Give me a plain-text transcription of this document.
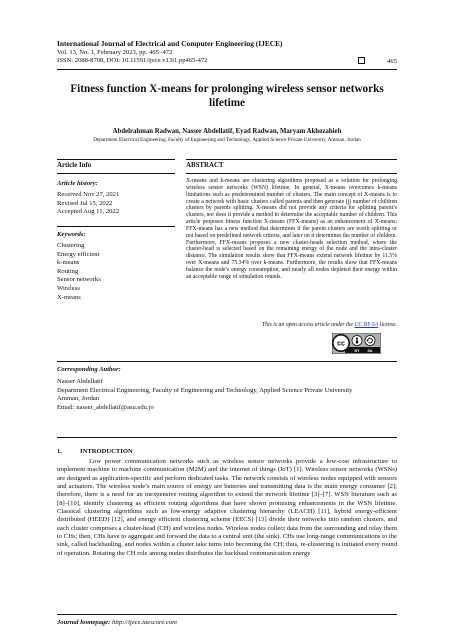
International Journal of Electrical and Computer Engineering (IJECE)
Vol. 13, No. 1, February 2023, pp. 465~472
ISSN: 2088-8708, DOI: 10.11591/ijece.v13i1.pp465-472	465
Fitness function X-means for prolonging wireless sensor networks lifetime
Abdelrahman Radwan, Nasser Abdellatif, Eyad Radwan, Maryam Akhozahieh
Department Electrical Engineering, Faculty of Engineering and Technology, Applied Science Private University, Amman, Jordan
Article Info
Article history:
Received Nov 27, 2021
Revised Jul 15, 2022
Accepted Aug 11, 2022
Keywords:
Clustering
Energy efficient
k-means
Routing
Sensor networks
Wireless
X-means
ABSTRACT
X-means and k-means are clustering algorithms proposed as a solution for prolonging wireless sensor networks (WSN) lifetime. In general, X-means overcomes k-means limitations such as predetermined number of clusters. The main concept of X-means is to create a network with basic clusters called parents and then generate (j) number of children clusters by parents splitting. X-means did not provide any criteria for splitting parent’s clusters, nor does it provide a method to determine the acceptable number of children. This article proposes fitness function X-means (FFX-means) as an enhancement of X-means; FFX-means has a new method that determines if the parent clusters are worth splitting or not based on predefined network criteria, and later on it determines the number of children. Furthermore, FFX-means proposes a new cluster-heads selection method, where the cluster-head is selected based on the remaining energy of the node and the intra-cluster distance. The simulation results show that FFX-means extend network lifetime by 11.5% over X-means and 75.34% over k-means. Furthermore, the results show that FFX-means balance the node’s energy consumption, and nearly all nodes depleted their energy within an acceptable range of simulation rounds.
This is an open access article under the CC BY-SA license.
cc
BY SA
Corresponding Author:
Nasser Abdellatif
Department Electrical Engineering, Faculty of Engineering and Technology, Applied Science Private University
Amman, Jordan
Email: nasser_abdellatif@asu.edu.jo
1.	INTRODUCTION
Low power communication networks such as wireless sensor networks provide a low-cost infrastructure to implement machine to machine communication (M2M) and the internet of things (IoT) [1]. Wireless sensor networks (WSNs) are designed as application-specific and perform dedicated tasks. The network consists of wireless nodes equipped with sensors and actuators. The wireless node’s main source of energy are batteries and transmitting data is the main energy consumer [2]; therefore, there is a need for an inexpensive routing algorithm to extend the network lifetime [3]–[7]. WSN literature such as [8]–[10], identify clustering as efficient routing algorithms that have shown promising enhancements in the WSN lifetime. Classical clustering algorithms such as low-energy adaptive clustering hierarchy (LEACH) [11], hybrid energy-efficient distributed (HEED) [12], and energy efficient clustering scheme (EECS) [13] divide their networks into random clusters, and each cluster comprises a cluster-head (CH) and wireless nodes. Wireless nodes collect data from the surrounding and relay them to CHs; then, CHs have to aggregate and forward the data to a central unit (the sink). CHs use long-range communications to the sink, called backhauling, and nodes within a cluster take turns into becoming the CH; thus, re-clustering is initiated every round of operation. Rotating the CH role among nodes distributes the backhaul communication energy
Journal homepage: http://ijece.iaescore.com
